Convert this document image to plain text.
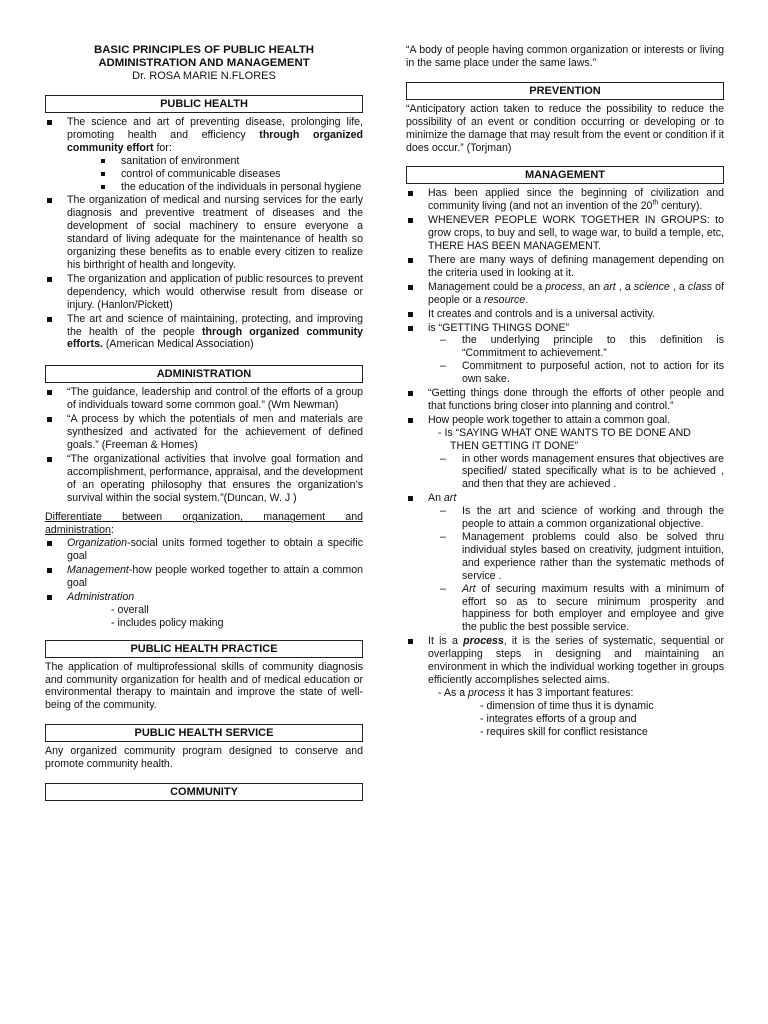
BASIC PRINCIPLES OF PUBLIC HEALTH
ADMINISTRATION AND MANAGEMENT
Dr. ROSA MARIE N.FLORES
PUBLIC HEALTH
The science and art of preventing disease, prolonging life, promoting health and efficiency through organized community effort for:
sanitation of environment
control of communicable diseases
the education of the individuals in personal hygiene
The organization of medical and nursing services for the early diagnosis and preventive treatment of diseases and the development of social machinery to ensure everyone a standard of living adequate for the maintenance of health so organizing these benefits as to enable every citizen to realize his birthright of health and longevity.
The organization and application of public resources to prevent dependency, which would otherwise result from disease or injury. (Hanlon/Pickett)
The art and science of maintaining, protecting, and improving the health of the people through organized community efforts. (American Medical Association)
ADMINISTRATION
“The guidance, leadership and control of the efforts of a group of individuals toward some common goal.” (Wm Newman)
“A process by which the potentials of men and materials are synthesized and activated for the achievement of defined goals.” (Freeman & Homes)
“The organizational activities that involve goal formation and accomplishment, performance, appraisal, and the development of an operating philosophy that ensures the organization’s survival within the social system.”(Duncan, W. J )
Differentiate between organization, management and administration:
Organization-social units formed together to obtain a specific goal
Management-how people worked together to attain a common goal
Administration
- overall
- includes policy making
PUBLIC HEALTH PRACTICE
The application of multiprofessional skills of community diagnosis and community organization for health and of medical education or environmental therapy to maintain and improve the state of well-being of the community.
PUBLIC HEALTH SERVICE
Any organized community program designed to conserve and promote community health.
COMMUNITY
“A body of people having common organization or interests or living in the same place under the same laws.”
PREVENTION
“Anticipatory action taken to reduce the possibility to reduce the possibility of an event or condition occurring or developing or to minimize the damage that may result from the event or condition if it does occur.” (Torjman)
MANAGEMENT
Has been applied since the beginning of civilization and community living (and not an invention of the 20th century).
WHENEVER PEOPLE WORK TOGETHER IN GROUPS: to grow crops, to buy and sell, to wage war, to build a temple, etc, THERE HAS BEEN MANAGEMENT.
There are many ways of defining management depending on the criteria used in looking at it.
Management could be a process, an art , a science , a class of people or a resource.
It creates and controls and is a universal activity.
is “GETTING THINGS DONE”
– the underlying principle to this definition is “Commitment to achievement.”
– Commitment to purposeful action, not to action for its own sake.
“Getting things done through the efforts of other people and that functions bring closer into planning and control.”
How people work together to attain a common goal.
- Is “SAYING WHAT ONE WANTS TO BE DONE AND
THEN GETTING IT DONE”
– in other words management ensures that objectives are specified/ stated specifically what is to be achieved , and then that they are achieved .
An art
– Is the art and science of working and through the people to attain a common organizational objective.
– Management problems could also be solved thru individual styles based on creativity, judgment intuition, and experience rather than the systematic methods of service .
– Art of securing maximum results with a minimum of effort so as to secure minimum prosperity and happiness for both employer and employee and give the public the best possible service.
It is a process, it is the series of systematic, sequential or overlapping steps in designing and maintaining an environment in which the individual working together in groups efficiently accomplishes selected aims.
- As a process it has 3 important features:
- dimension of time thus it is dynamic
- integrates efforts of a group and
- requires skill for conflict resistance
